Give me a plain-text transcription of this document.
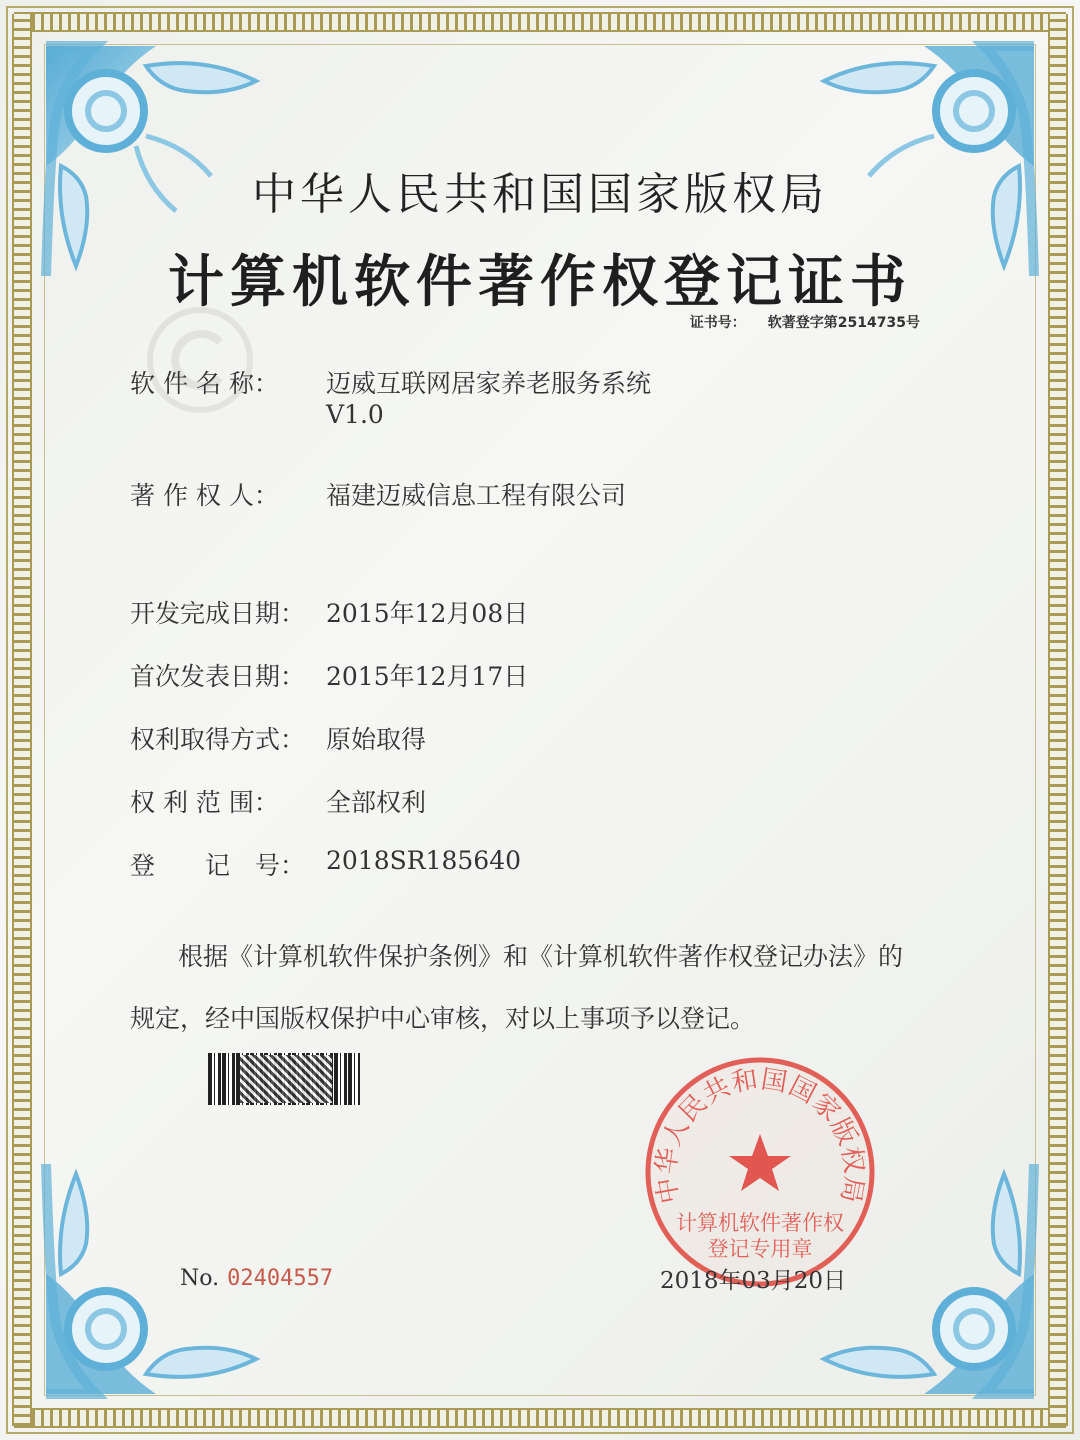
中华人民共和国国家版权局
计算机软件著作权登记证书
证书号： 软著登字第2514735号
软 件 名 称： 迈威互联网居家养老服务系统
V1.0
著 作 权 人： 福建迈威信息工程有限公司
开发完成日期： 2015年12月08日
首次发表日期： 2015年12月17日
权利取得方式： 原始取得
权 利 范 围： 全部权利
登　　记　号： 2018SR185640
根据《计算机软件保护条例》和《计算机软件著作权登记办法》的
规定，经中国版权保护中心审核，对以上事项予以登记。
No. 02404557
中华人民共和国国家版权局
计算机软件著作权
登记专用章
2018年03月20日
